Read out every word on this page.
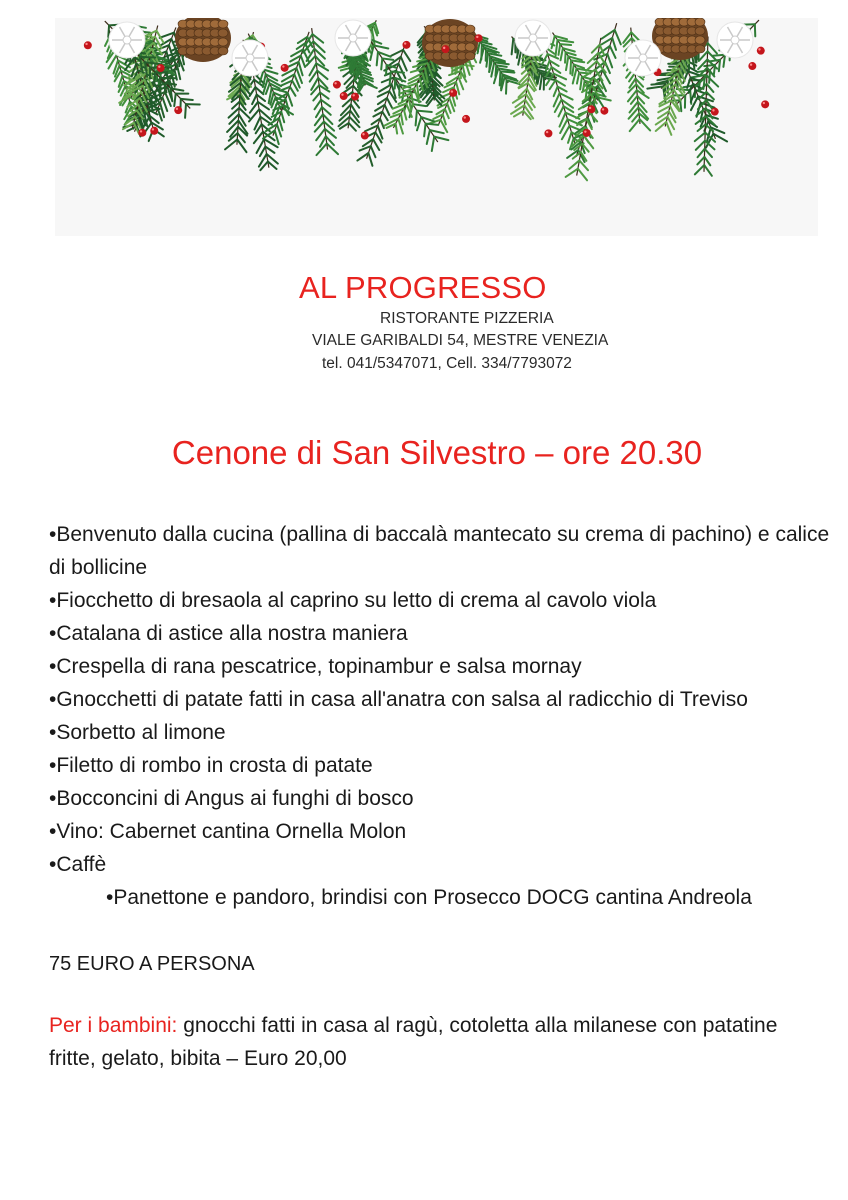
AL PROGRESSO
RISTORANTE PIZZERIA
VIALE GARIBALDI 54, MESTRE VENEZIA
tel. 041/5347071, Cell. 334/7793072
Cenone di San Silvestro – ore 20.30

•Benvenuto dalla cucina (pallina di baccalà mantecato su crema di pachino) e calice di bollicine

•Fiocchetto di bresaola al caprino su letto di crema al cavolo viola

•Catalana di astice alla nostra maniera

•Crespella di rana pescatrice, topinambur e salsa mornay

•Gnocchetti di patate fatti in casa all'anatra con salsa al radicchio di Treviso

•Sorbetto al limone

•Filetto di rombo in crosta di patate

•Bocconcini di Angus ai funghi di bosco

•Vino: Cabernet cantina Ornella Molon

•Caffè

•Panettone e pandoro, brindisi con Prosecco DOCG cantina Andreola

75 EURO A PERSONA
Per i bambini: gnocchi fatti in casa al ragù, cotoletta alla milanese con patatine fritte, gelato, bibita – Euro 20,00
